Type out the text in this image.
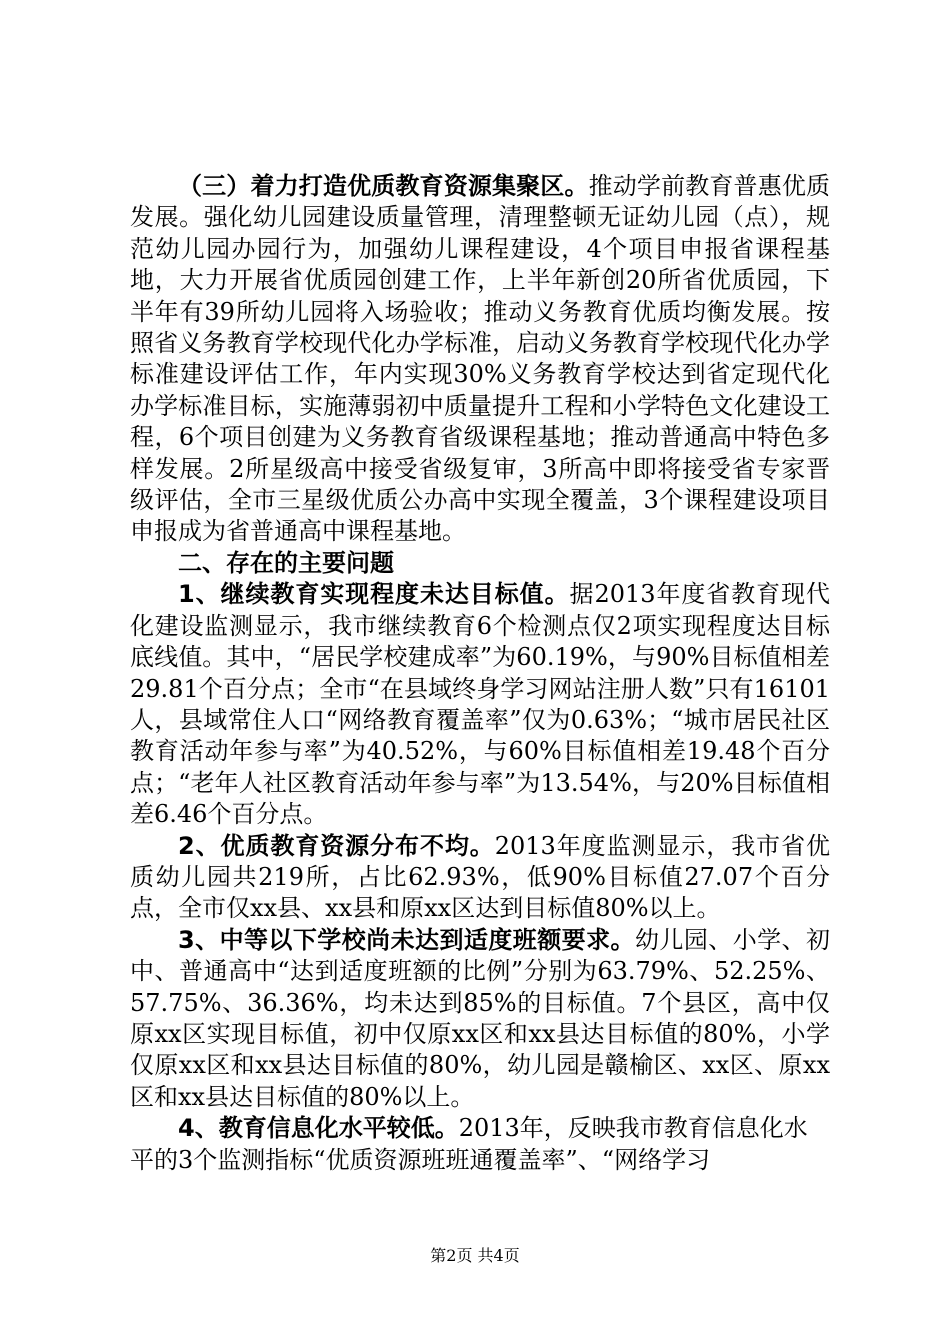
（三）着力打造优质教育资源集聚区。推动学前教育普惠优质发展。强化幼儿园建设质量管理，清理整顿无证幼儿园（点），规范幼儿园办园行为，加强幼儿课程建设，4个项目申报省课程基地，大力开展省优质园创建工作，上半年新创20所省优质园，下半年有39所幼儿园将入场验收；推动义务教育优质均衡发展。按照省义务教育学校现代化办学标准，启动义务教育学校现代化办学标准建设评估工作，年内实现30%义务教育学校达到省定现代化办学标准目标，实施薄弱初中质量提升工程和小学特色文化建设工程，6个项目创建为义务教育省级课程基地；推动普通高中特色多样发展。2所星级高中接受省级复审，3所高中即将接受省专家晋级评估，全市三星级优质公办高中实现全覆盖，3个课程建设项目申报成为省普通高中课程基地。

二、存在的主要问题

1、继续教育实现程度未达目标值。据2013年度省教育现代化建设监测显示，我市继续教育6个检测点仅2项实现程度达目标底线值。其中，“居民学校建成率”为60.19%，与90%目标值相差29.81个百分点；全市“在县域终身学习网站注册人数”只有16101人，县域常住人口“网络教育覆盖率”仅为0.63%；“城市居民社区教育活动年参与率”为40.52%，与60%目标值相差19.48个百分点；“老年人社区教育活动年参与率”为13.54%，与20%目标值相差6.46个百分点。

2、优质教育资源分布不均。2013年度监测显示，我市省优质幼儿园共219所，占比62.93%，低90%目标值27.07个百分点，全市仅xx县、xx县和原xx区达到目标值80%以上。

3、中等以下学校尚未达到适度班额要求。幼儿园、小学、初中、普通高中“达到适度班额的比例”分别为63.79%、52.25%、57.75%、36.36%，均未达到85%的目标值。7个县区，高中仅原xx区实现目标值，初中仅原xx区和xx县达目标值的80%，小学仅原xx区和xx县达目标值的80%，幼儿园是赣榆区、xx区、原xx区和xx县达目标值的80%以上。

4、教育信息化水平较低。2013年，反映我市教育信息化水平的3个监测指标“优质资源班班通覆盖率”、“网络学习

第2页 共4页
